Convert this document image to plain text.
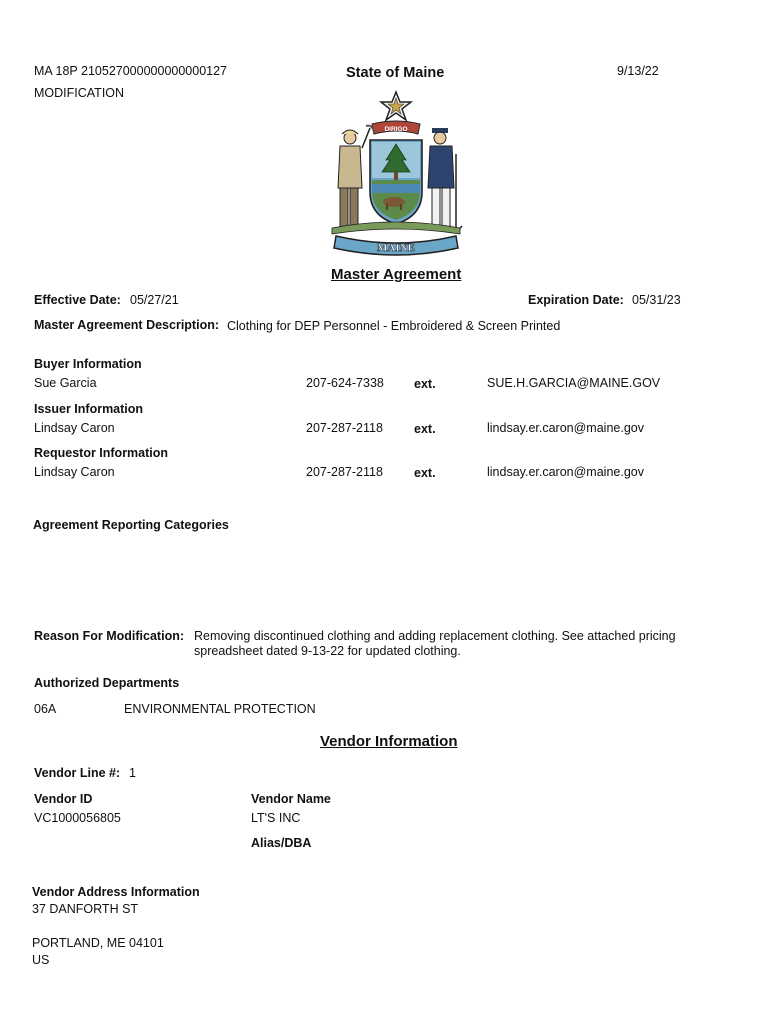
MA 18P 210527000000000000127
MODIFICATION
State of Maine	9/13/22
DIRIGO
MAINE
Master Agreement
Effective Date: 05/27/21	Expiration Date: 05/31/23
Master Agreement Description: Clothing for DEP Personnel - Embroidered & Screen Printed
Buyer Information
Sue Garcia	207-624-7338 ext.	SUE.H.GARCIA@MAINE.GOV
Issuer Information
Lindsay Caron	207-287-2118 ext.	lindsay.er.caron@maine.gov
Requestor Information
Lindsay Caron	207-287-2118 ext.	lindsay.er.caron@maine.gov
Agreement Reporting Categories
Reason For Modification: Removing discontinued clothing and adding replacement clothing. See attached pricing
spreadsheet dated 9-13-22 for updated clothing.
Authorized Departments
06A	ENVIRONMENTAL PROTECTION
Vendor Information
Vendor Line #: 1
Vendor ID
VC1000056805
Vendor Name
LT'S INC
Alias/DBA
Vendor Address Information
37 DANFORTH ST
PORTLAND, ME 04101
US
